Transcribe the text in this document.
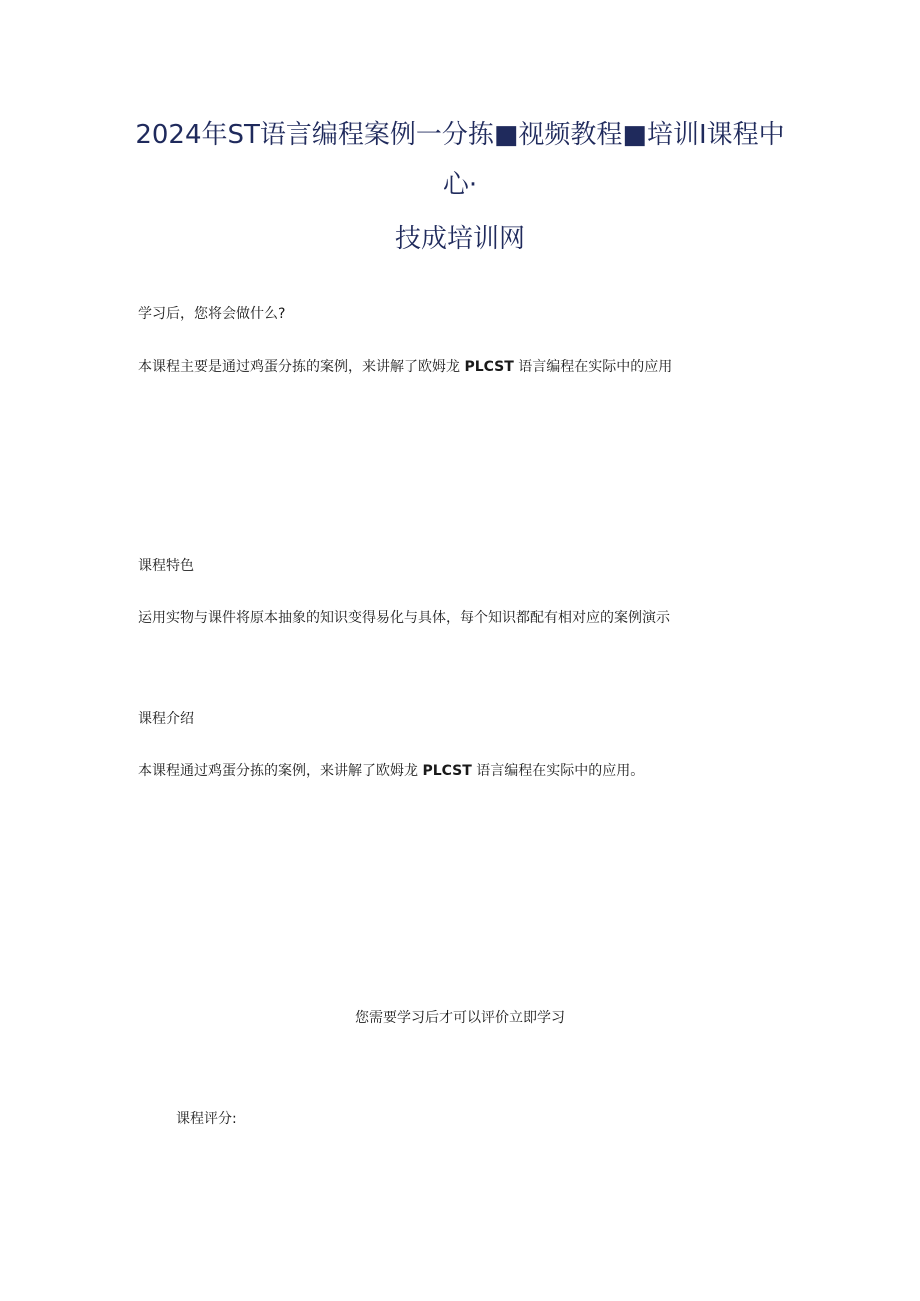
2024年ST语言编程案例一分拣■视频教程■培训I课程中
心·
技成培训网

学习后，您将会做什么?

本课程主要是通过鸡蛋分拣的案例，来讲解了欧姆龙 PLCST 语言编程在实际中的应用

课程特色

运用实物与课件将原本抽象的知识变得易化与具体，每个知识都配有相对应的案例演示

课程介绍

本课程通过鸡蛋分拣的案例，来讲解了欧姆龙 PLCST 语言编程在实际中的应用。

您需要学习后才可以评价立即学习

课程评分:
